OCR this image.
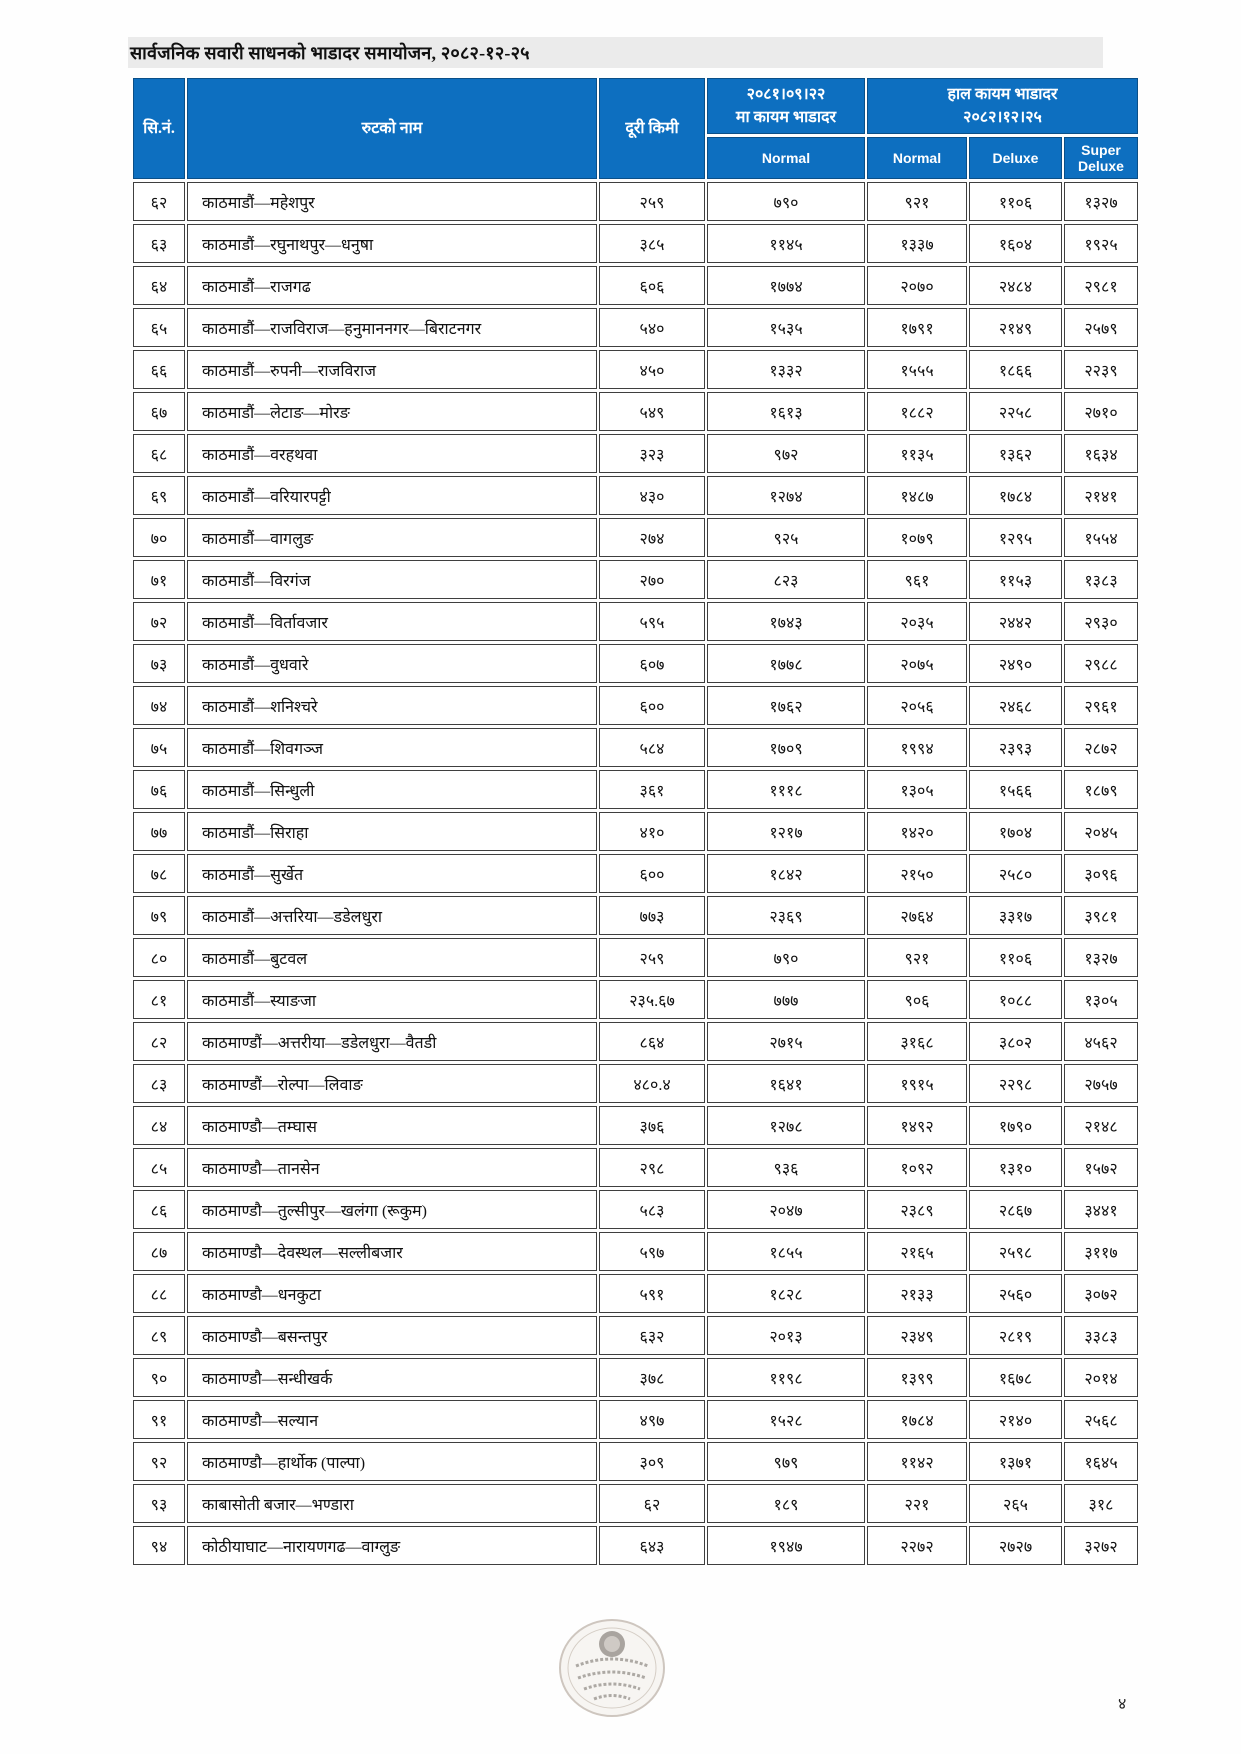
सार्वजनिक सवारी साधनको भाडादर समायोजन, २०८२-१२-२५
सि.नं.	रुटको नाम	दूरी किमी	२०८१।०९।२२
मा कायम भाडादर	हाल कायम भाडादर
२०८२।१२।२५		

			Normal	Normal	Deluxe	Super Deluxe
६२	काठमाडौं—महेशपुर	२५९	७९०	९२१	११०६	१३२७
६३	काठमाडौं—रघुनाथपुर—धनुषा	३८५	११४५	१३३७	१६०४	१९२५
६४	काठमाडौं—राजगढ	६०६	१७७४	२०७०	२४८४	२९८१
६५	काठमाडौं—राजविराज—हनुमाननगर—बिराटनगर	५४०	१५३५	१७९१	२१४९	२५७९
६६	काठमाडौं—रुपनी—राजविराज	४५०	१३३२	१५५५	१८६६	२२३९
६७	काठमाडौं—लेटाङ—मोरङ	५४९	१६१३	१८८२	२२५८	२७१०
६८	काठमाडौं—वरहथवा	३२३	९७२	११३५	१३६२	१६३४
६९	काठमाडौं—वरियारपट्टी	४३०	१२७४	१४८७	१७८४	२१४१
७०	काठमाडौं—वागलुङ	२७४	९२५	१०७९	१२९५	१५५४
७१	काठमाडौं—विरगंज	२७०	८२३	९६१	११५३	१३८३
७२	काठमाडौं—विर्तावजार	५९५	१७४३	२०३५	२४४२	२९३०
७३	काठमाडौं—वुधवारे	६०७	१७७८	२०७५	२४९०	२९८८
७४	काठमाडौं—शनिश्चरे	६००	१७६२	२०५६	२४६८	२९६१
७५	काठमाडौं—शिवगञ्ज	५८४	१७०९	१९९४	२३९३	२८७२
७६	काठमाडौं—सिन्धुली	३६१	१११८	१३०५	१५६६	१८७९
७७	काठमाडौं—सिराहा	४१०	१२१७	१४२०	१७०४	२०४५
७८	काठमाडौं—सुर्खेत	६००	१८४२	२१५०	२५८०	३०९६
७९	काठमाडौं—अत्तरिया—डडेलधुरा	७७३	२३६९	२७६४	३३१७	३९८१
८०	काठमाडौं—बुटवल	२५९	७९०	९२१	११०६	१३२७
८१	काठमाडौं—स्याङजा	२३५.६७	७७७	९०६	१०८८	१३०५
८२	काठमाण्डौं—अत्तरीया—डडेलधुरा—वैतडी	८६४	२७१५	३१६८	३८०२	४५६२
८३	काठमाण्डौं—रोल्पा—लिवाङ	४८०.४	१६४१	१९१५	२२९८	२७५७
८४	काठमाण्डौ—तम्घास	३७६	१२७८	१४९२	१७९०	२१४८
८५	काठमाण्डौ—तानसेन	२९८	९३६	१०९२	१३१०	१५७२
८६	काठमाण्डौ—तुल्सीपुर—खलंगा (रूकुम)	५८३	२०४७	२३८९	२८६७	३४४१
८७	काठमाण्डौ—देवस्थल—सल्लीबजार	५९७	१८५५	२१६५	२५९८	३११७
८८	काठमाण्डौ—धनकुटा	५९१	१८२८	२१३३	२५६०	३०७२
८९	काठमाण्डौ—बसन्तपुर	६३२	२०१३	२३४९	२८१९	३३८३
९०	काठमाण्डौ—सन्धीखर्क	३७८	११९८	१३९९	१६७८	२०१४
९१	काठमाण्डौ—सल्यान	४९७	१५२८	१७८४	२१४०	२५६८
९२	काठमाण्डौ—हार्थोक (पाल्पा)	३०९	९७९	११४२	१३७१	१६४५
९३	काबासोती बजार—भण्डारा	६२	१८९	२२१	२६५	३१८
९४	कोठीयाघाट—नारायणगढ—वाग्लुङ	६४३	१९४७	२२७२	२७२७	३२७२
४
